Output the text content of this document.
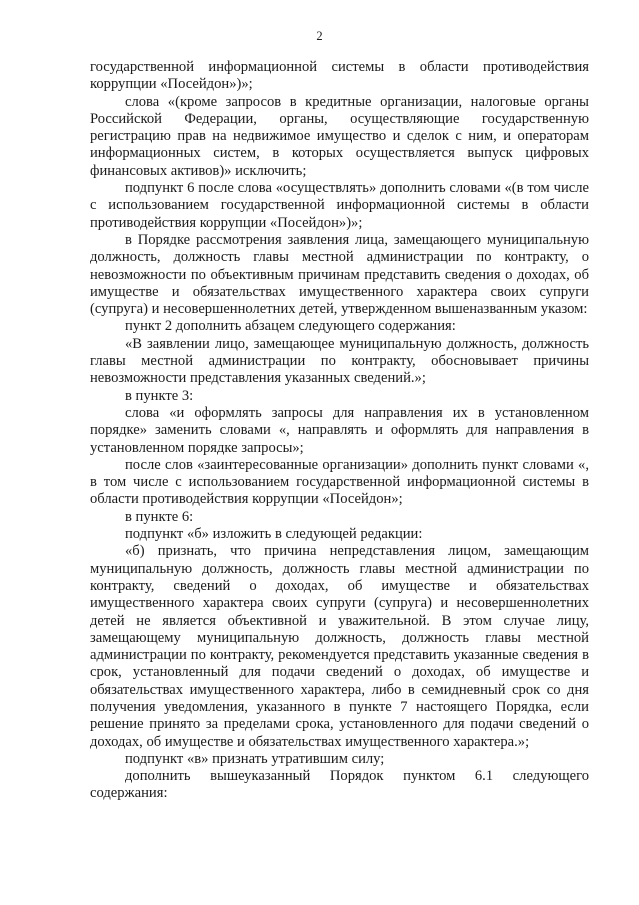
2

государственной информационной системы в области противодействия коррупции «Посейдон»)»;

слова «(кроме запросов в кредитные организации, налоговые органы Российской Федерации, органы, осуществляющие государственную регистрацию прав на недвижимое имущество и сделок с ним, и операторам информационных систем, в которых осуществляется выпуск цифровых финансовых активов)» исключить;

подпункт 6 после слова «осуществлять» дополнить словами «(в том числе с использованием государственной информационной системы в области противодействия коррупции «Посейдон»)»;

в Порядке рассмотрения заявления лица, замещающего муниципальную должность, должность главы местной администрации по контракту, о невозможности по объективным причинам представить сведения о доходах, об имуществе и обязательствах имущественного характера своих супруги (супруга) и несовершеннолетних детей, утвержденном вышеназванным указом:

пункт 2 дополнить абзацем следующего содержания:

«В заявлении лицо, замещающее муниципальную должность, должность главы местной администрации по контракту, обосновывает причины невозможности представления указанных сведений.»;

в пункте 3:

слова «и оформлять запросы для направления их в установленном порядке» заменить словами «, направлять и оформлять для направления в установленном порядке запросы»;

после слов «заинтересованные организации» дополнить пункт словами «, в том числе с использованием государственной информационной системы в области противодействия коррупции «Посейдон»;

в пункте 6:

подпункт «б» изложить в следующей редакции:

«б) признать, что причина непредставления лицом, замещающим муниципальную должность, должность главы местной администрации по контракту, сведений о доходах, об имуществе и обязательствах имущественного характера своих супруги (супруга) и несовершеннолетних детей не является объективной и уважительной. В этом случае лицу, замещающему муниципальную должность, должность главы местной администрации по контракту, рекомендуется представить указанные сведения в срок, установленный для подачи сведений о доходах, об имуществе и обязательствах имущественного характера, либо в семидневный срок со дня получения уведомления, указанного в пункте 7 настоящего Порядка, если решение принято за пределами срока, установленного для подачи сведений о доходах, об имуществе и обязательствах имущественного характера.»;

подпункт «в» признать утратившим силу;

дополнить вышеуказанный Порядок пунктом 6.1 следующего содержания:
